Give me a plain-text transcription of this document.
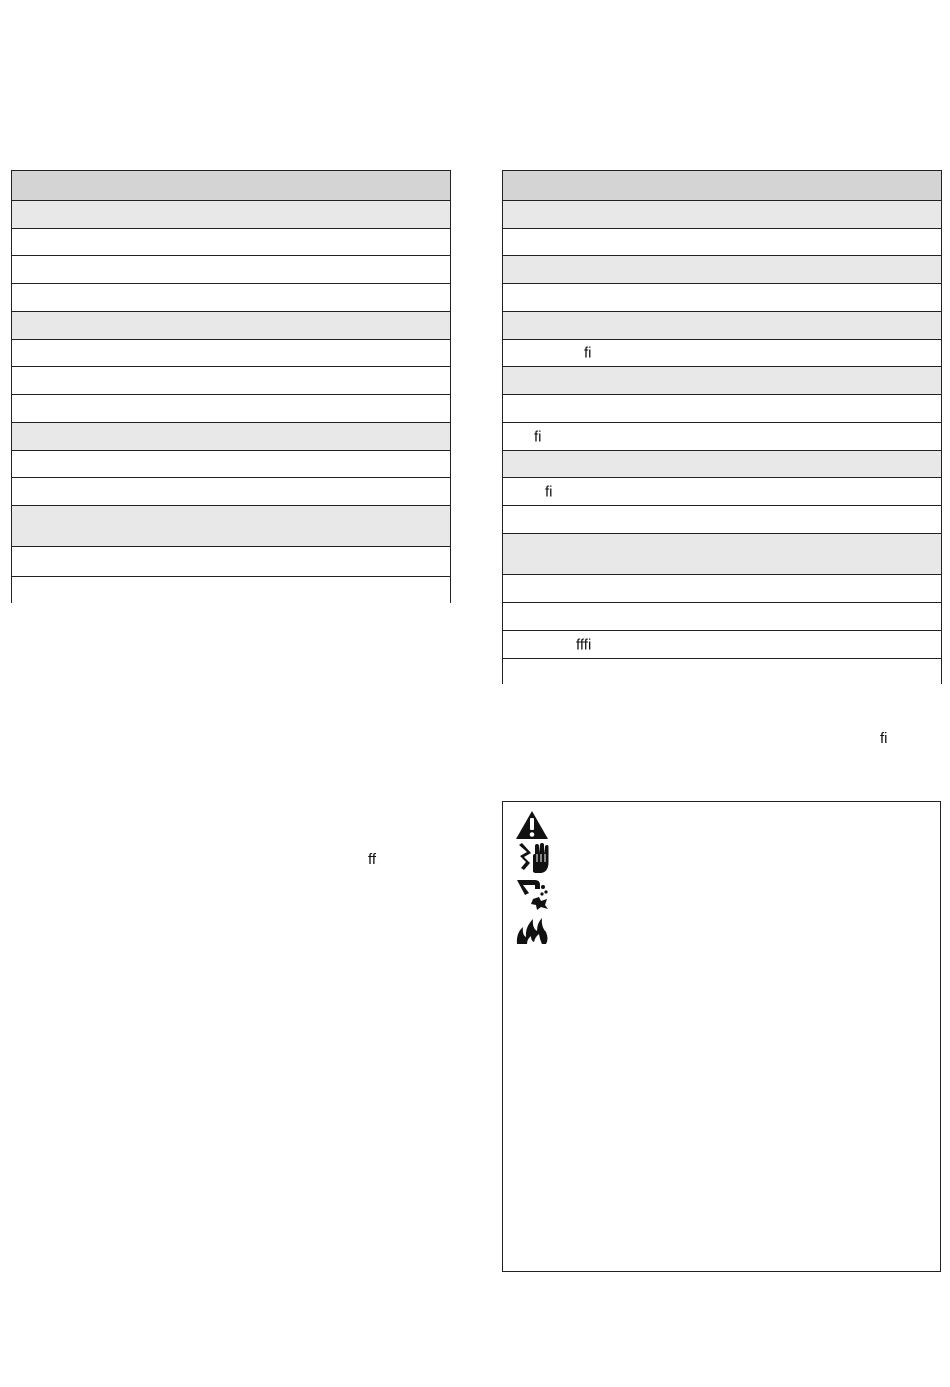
fi
fi
fi
fffi
fi
ff
